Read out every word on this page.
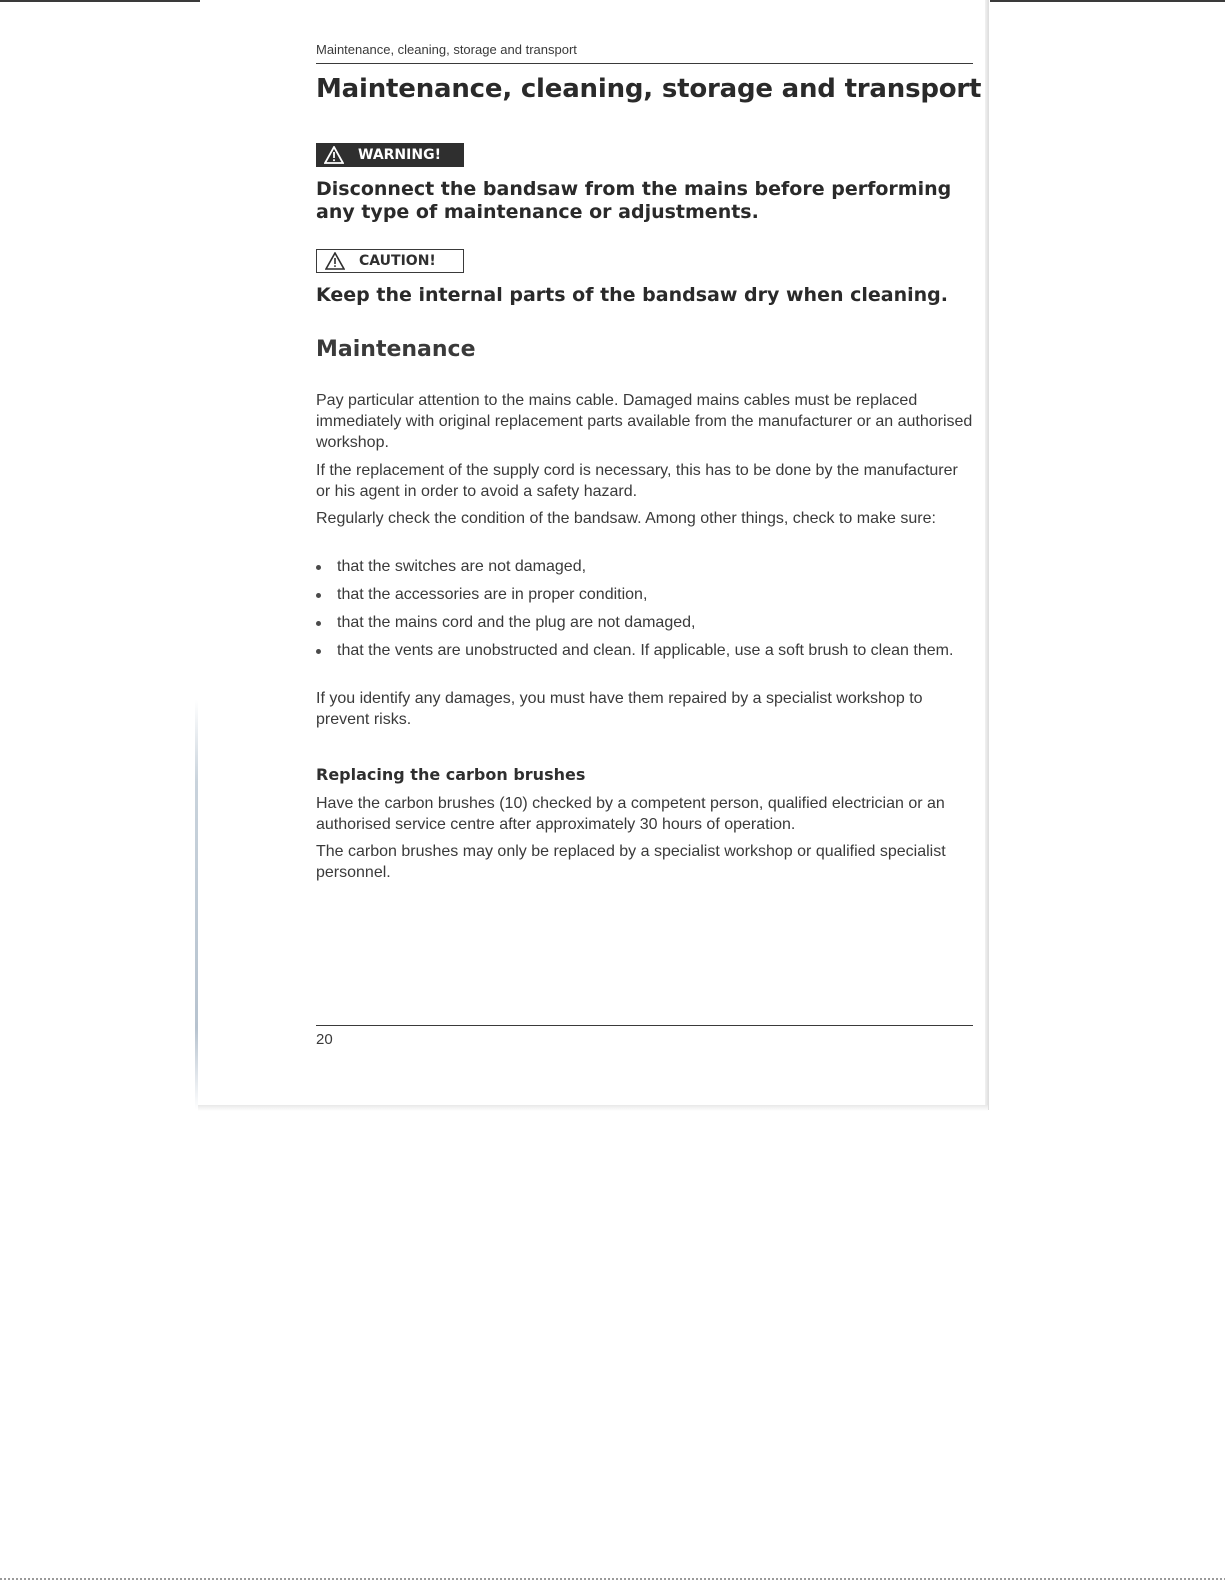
Maintenance, cleaning, storage and transport
Maintenance, cleaning, storage and transport
WARNING!

Disconnect the bandsaw from the mains before performing any type of maintenance or adjustments.

CAUTION!

Keep the internal parts of the bandsaw dry when cleaning.

Maintenance

Pay particular attention to the mains cable. Damaged mains cables must be replaced immediately with original replacement parts available from the manufacturer or an authorised workshop.

If the replacement of the supply cord is necessary, this has to be done by the manufacturer or his agent in order to avoid a safety hazard.

Regularly check the condition of the bandsaw. Among other things, check to make sure:

that the switches are not damaged,
that the accessories are in proper condition,
that the mains cord and the plug are not damaged,
that the vents are unobstructed and clean. If applicable, use a soft brush to clean them.

If you identify any damages, you must have them repaired by a specialist workshop to prevent risks.

Replacing the carbon brushes

Have the carbon brushes (10) checked by a competent person, qualified electrician or an authorised service centre after approximately 30 hours of operation.

The carbon brushes may only be replaced by a specialist workshop or qualified specialist personnel.

20
